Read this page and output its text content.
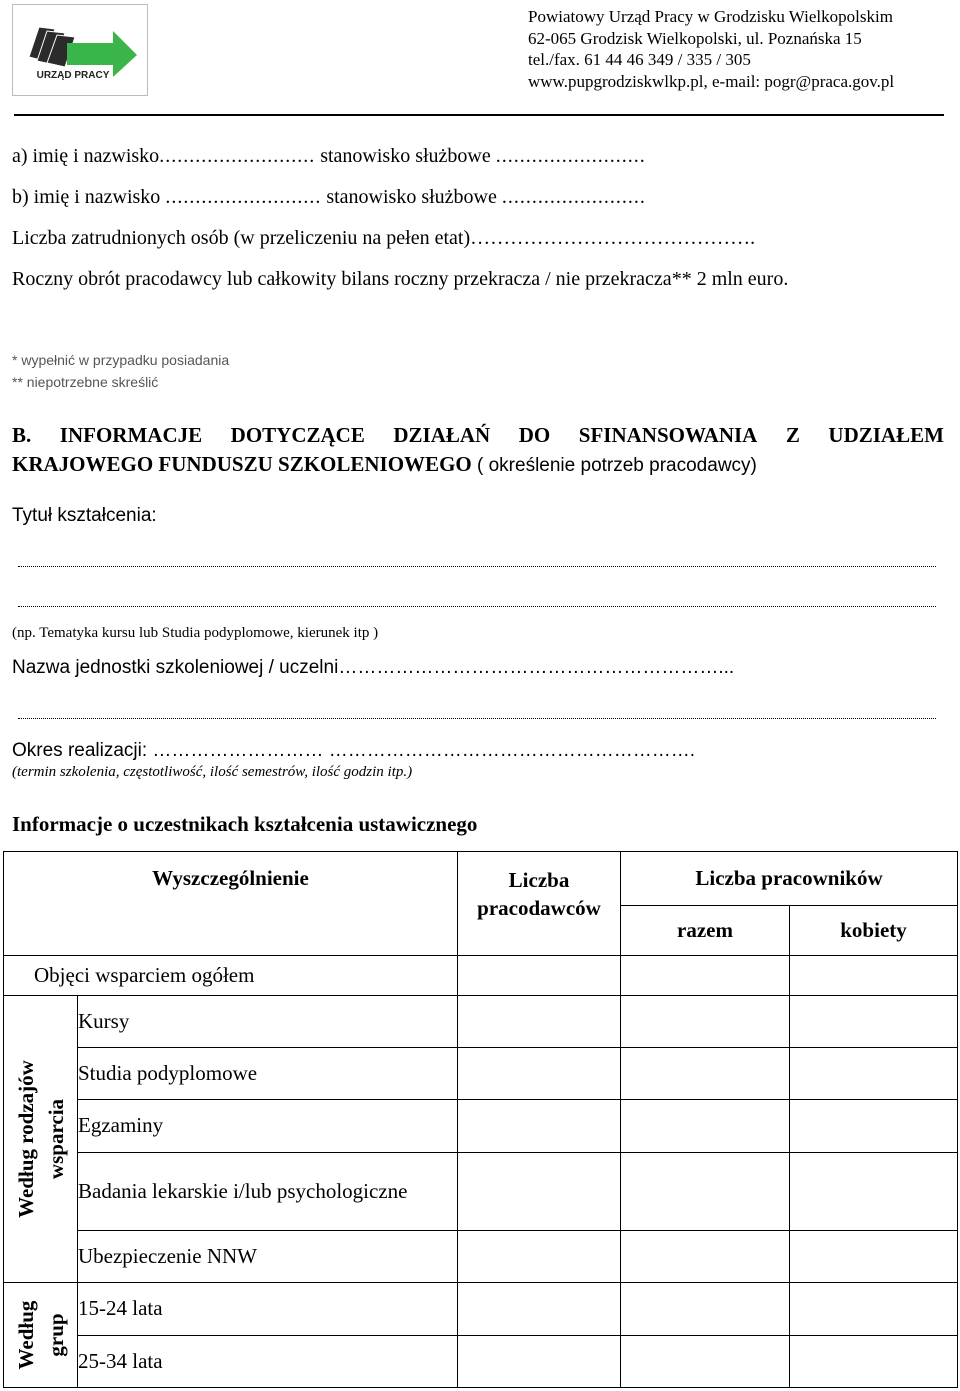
URZĄD PRACY
Powiatowy Urząd Pracy w Grodzisku Wielkopolskim
62-065 Grodzisk Wielkopolski, ul. Poznańska 15
tel./fax. 61 44 46 349 / 335 / 305
www.pupgrodziskwlkp.pl, e-mail: pogr@praca.gov.pl
a) imię i nazwisko.......................... stanowisko służbowe .........................
b) imię i nazwisko .......................... stanowisko służbowe ........................
Liczba zatrudnionych osób (w przeliczeniu na pełen etat)…………………………………….
Roczny obrót pracodawcy lub całkowity bilans roczny przekracza / nie przekracza** 2 mln euro.
* wypełnić w przypadku posiadania
** niepotrzebne skreślić
B. INFORMACJE DOTYCZĄCE DZIAŁAŃ DO SFINANSOWANIA Z UDZIAŁEM
KRAJOWEGO FUNDUSZU SZKOLENIOWEGO ( określenie potrzeb pracodawcy)
Tytuł kształcenia:
(np. Tematyka kursu lub Studia podyplomowe, kierunek itp )
Nazwa jednostki szkoleniowej / uczelni……………………………………………………...
Okres realizacji: ……………………… ………………………………………………….
(termin szkolenia, częstotliwość, ilość semestrów, ilość godzin itp.)
Informacje o uczestnikach kształcenia ustawicznego
Wyszczególnienie		Liczba pracodawców	Liczba pracowników	
			razem	kobiety
Objęci wsparciem ogółem				

Według rodzajów wsparcia	Kursy			
	Studia podyplomowe			
	Egzaminy			
	Badania lekarskie i/lub psychologiczne			
	Ubezpieczenie NNW			

Według grup	15-24 lata			
	25-34 lata			
